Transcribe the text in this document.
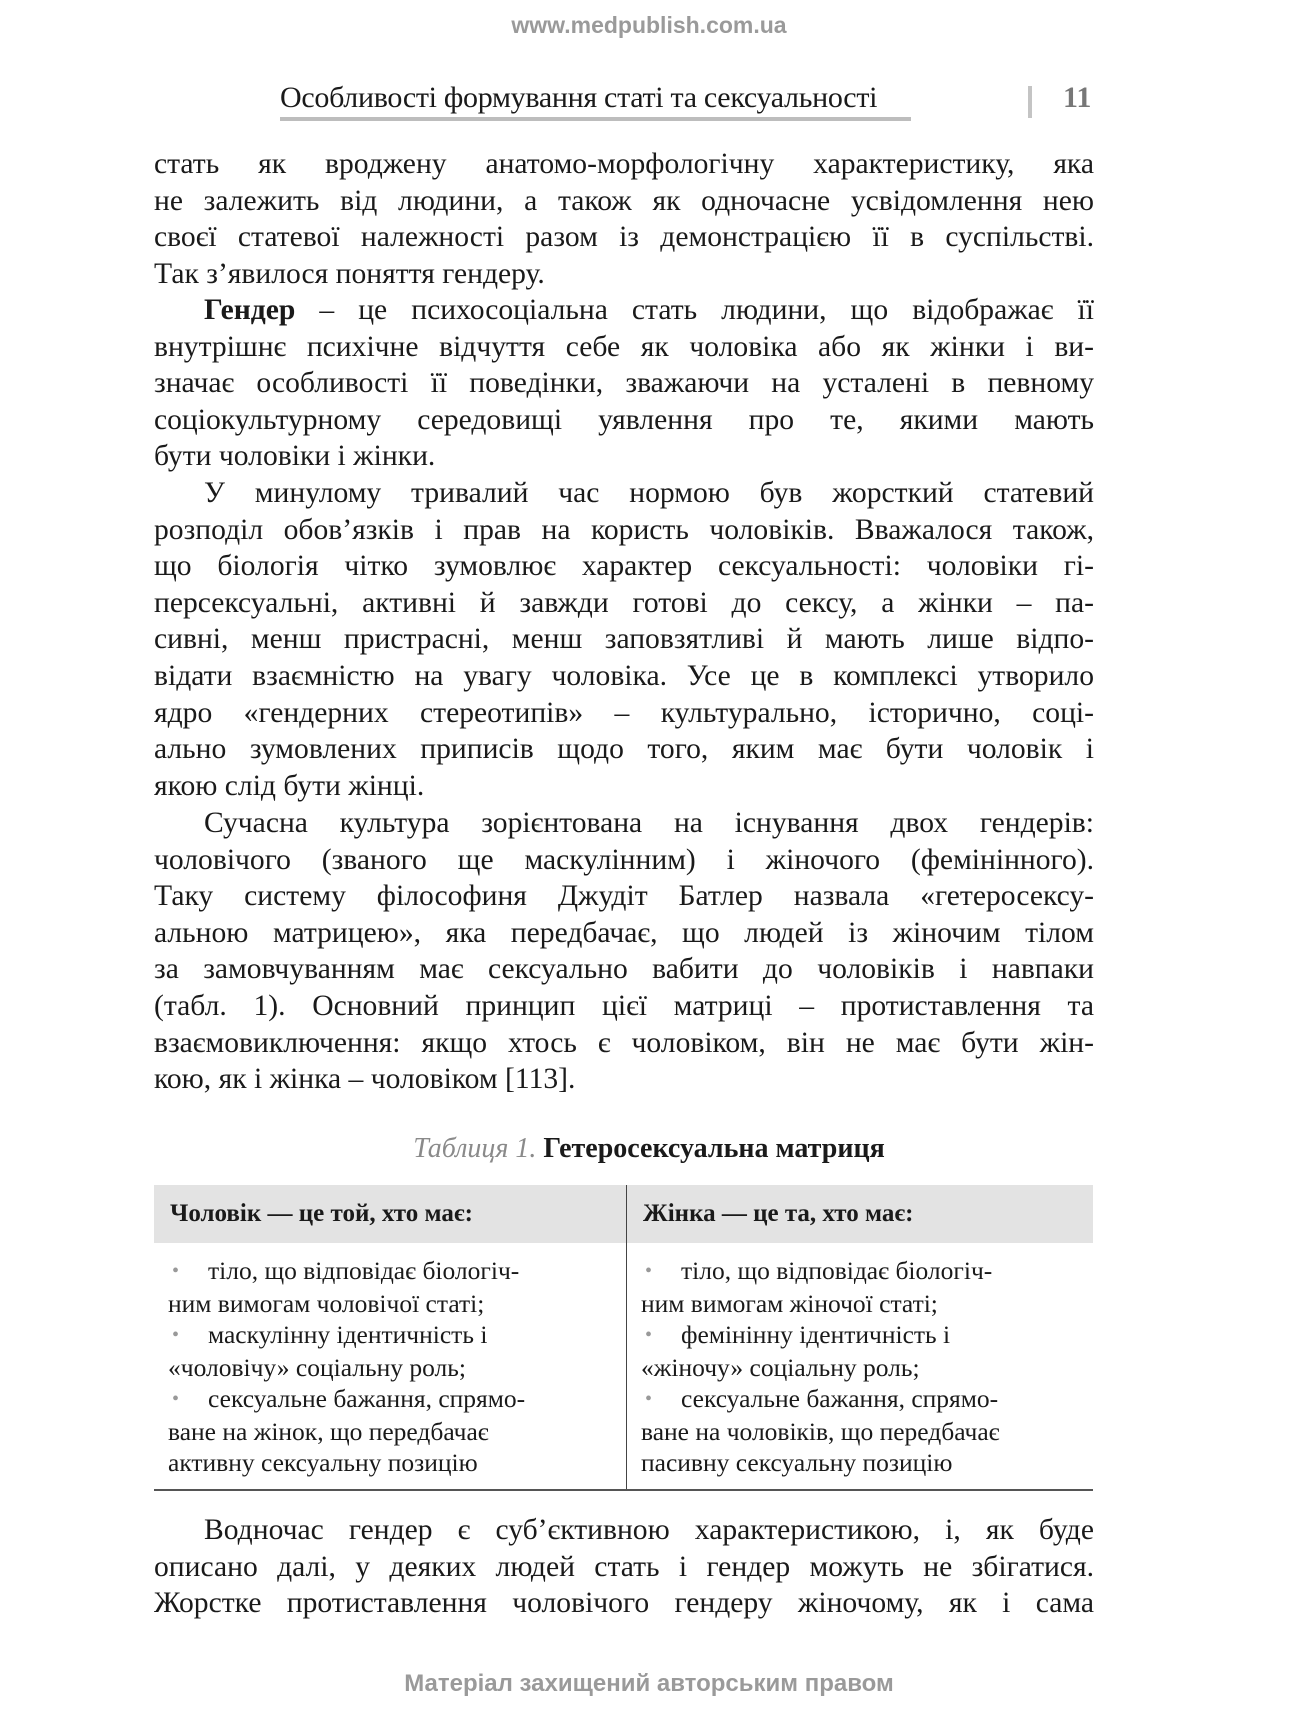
www.medpublish.com.ua
Особливості формування статі та сексуальності	11
стать як вроджену анатомо-морфологічну характеристику, яка
не залежить від людини, а також як одночасне усвідомлення нею
своєї статевої належності разом із демонстрацією її в суспільстві.
Так з’явилося поняття гендеру.
Гендер – це психосоціальна стать людини, що відображає її
внутрішнє психічне відчуття себе як чоловіка або як жінки і ви-
значає особливості її поведінки, зважаючи на усталені в певному
соціокультурному середовищі уявлення про те, якими мають
бути чоловіки і жінки.
У минулому тривалий час нормою був жорсткий статевий
розподіл обов’язків і прав на користь чоловіків. Вважалося також,
що біологія чітко зумовлює характер сексуальності: чоловіки гі-
персексуальні, активні й завжди готові до сексу, а жінки – па-
сивні, менш пристрасні, менш заповзятливі й мають лише відпо-
відати взаємністю на увагу чоловіка. Усе це в комплексі утворило
ядро «гендерних стереотипів» – культурально, історично, соці-
ально зумовлених приписів щодо того, яким має бути чоловік і
якою слід бути жінці.
Сучасна культура зорієнтована на існування двох гендерів:
чоловічого (званого ще маскулінним) і жіночого (фемінінного).
Таку систему філософиня Джудіт Батлер назвала «гетеросексу-
альною матрицею», яка передбачає, що людей із жіночим тілом
за замовчуванням має сексуально вабити до чоловіків і навпаки
(табл. 1). Основний принцип цієї матриці – протиставлення та
взаємовиключення: якщо хтось є чоловіком, він не має бути жін-
кою, як і жінка – чоловіком [113].
Таблиця 1. Гетеросексуальна матриця
Чоловік — це той, хто має:	Жінка — це та, хто має:

• тіло, що відповідає біологіч-
ним вимогам чоловічої статі;
• маскулінну ідентичність і
«чоловічу» соціальну роль;
• сексуальне бажання, спрямо-
ване на жінок, що передбачає
активну сексуальну позицію

• тіло, що відповідає біологіч-
ним вимогам жіночої статі;
• фемінінну ідентичність і
«жіночу» соціальну роль;
• сексуальне бажання, спрямо-
ване на чоловіків, що передбачає
пасивну сексуальну позицію
Водночас гендер є суб’єктивною характеристикою, і, як буде
описано далі, у деяких людей стать і гендер можуть не збігатися.
Жорстке протиставлення чоловічого гендеру жіночому, як і сама
Матеріал захищений авторським правом
